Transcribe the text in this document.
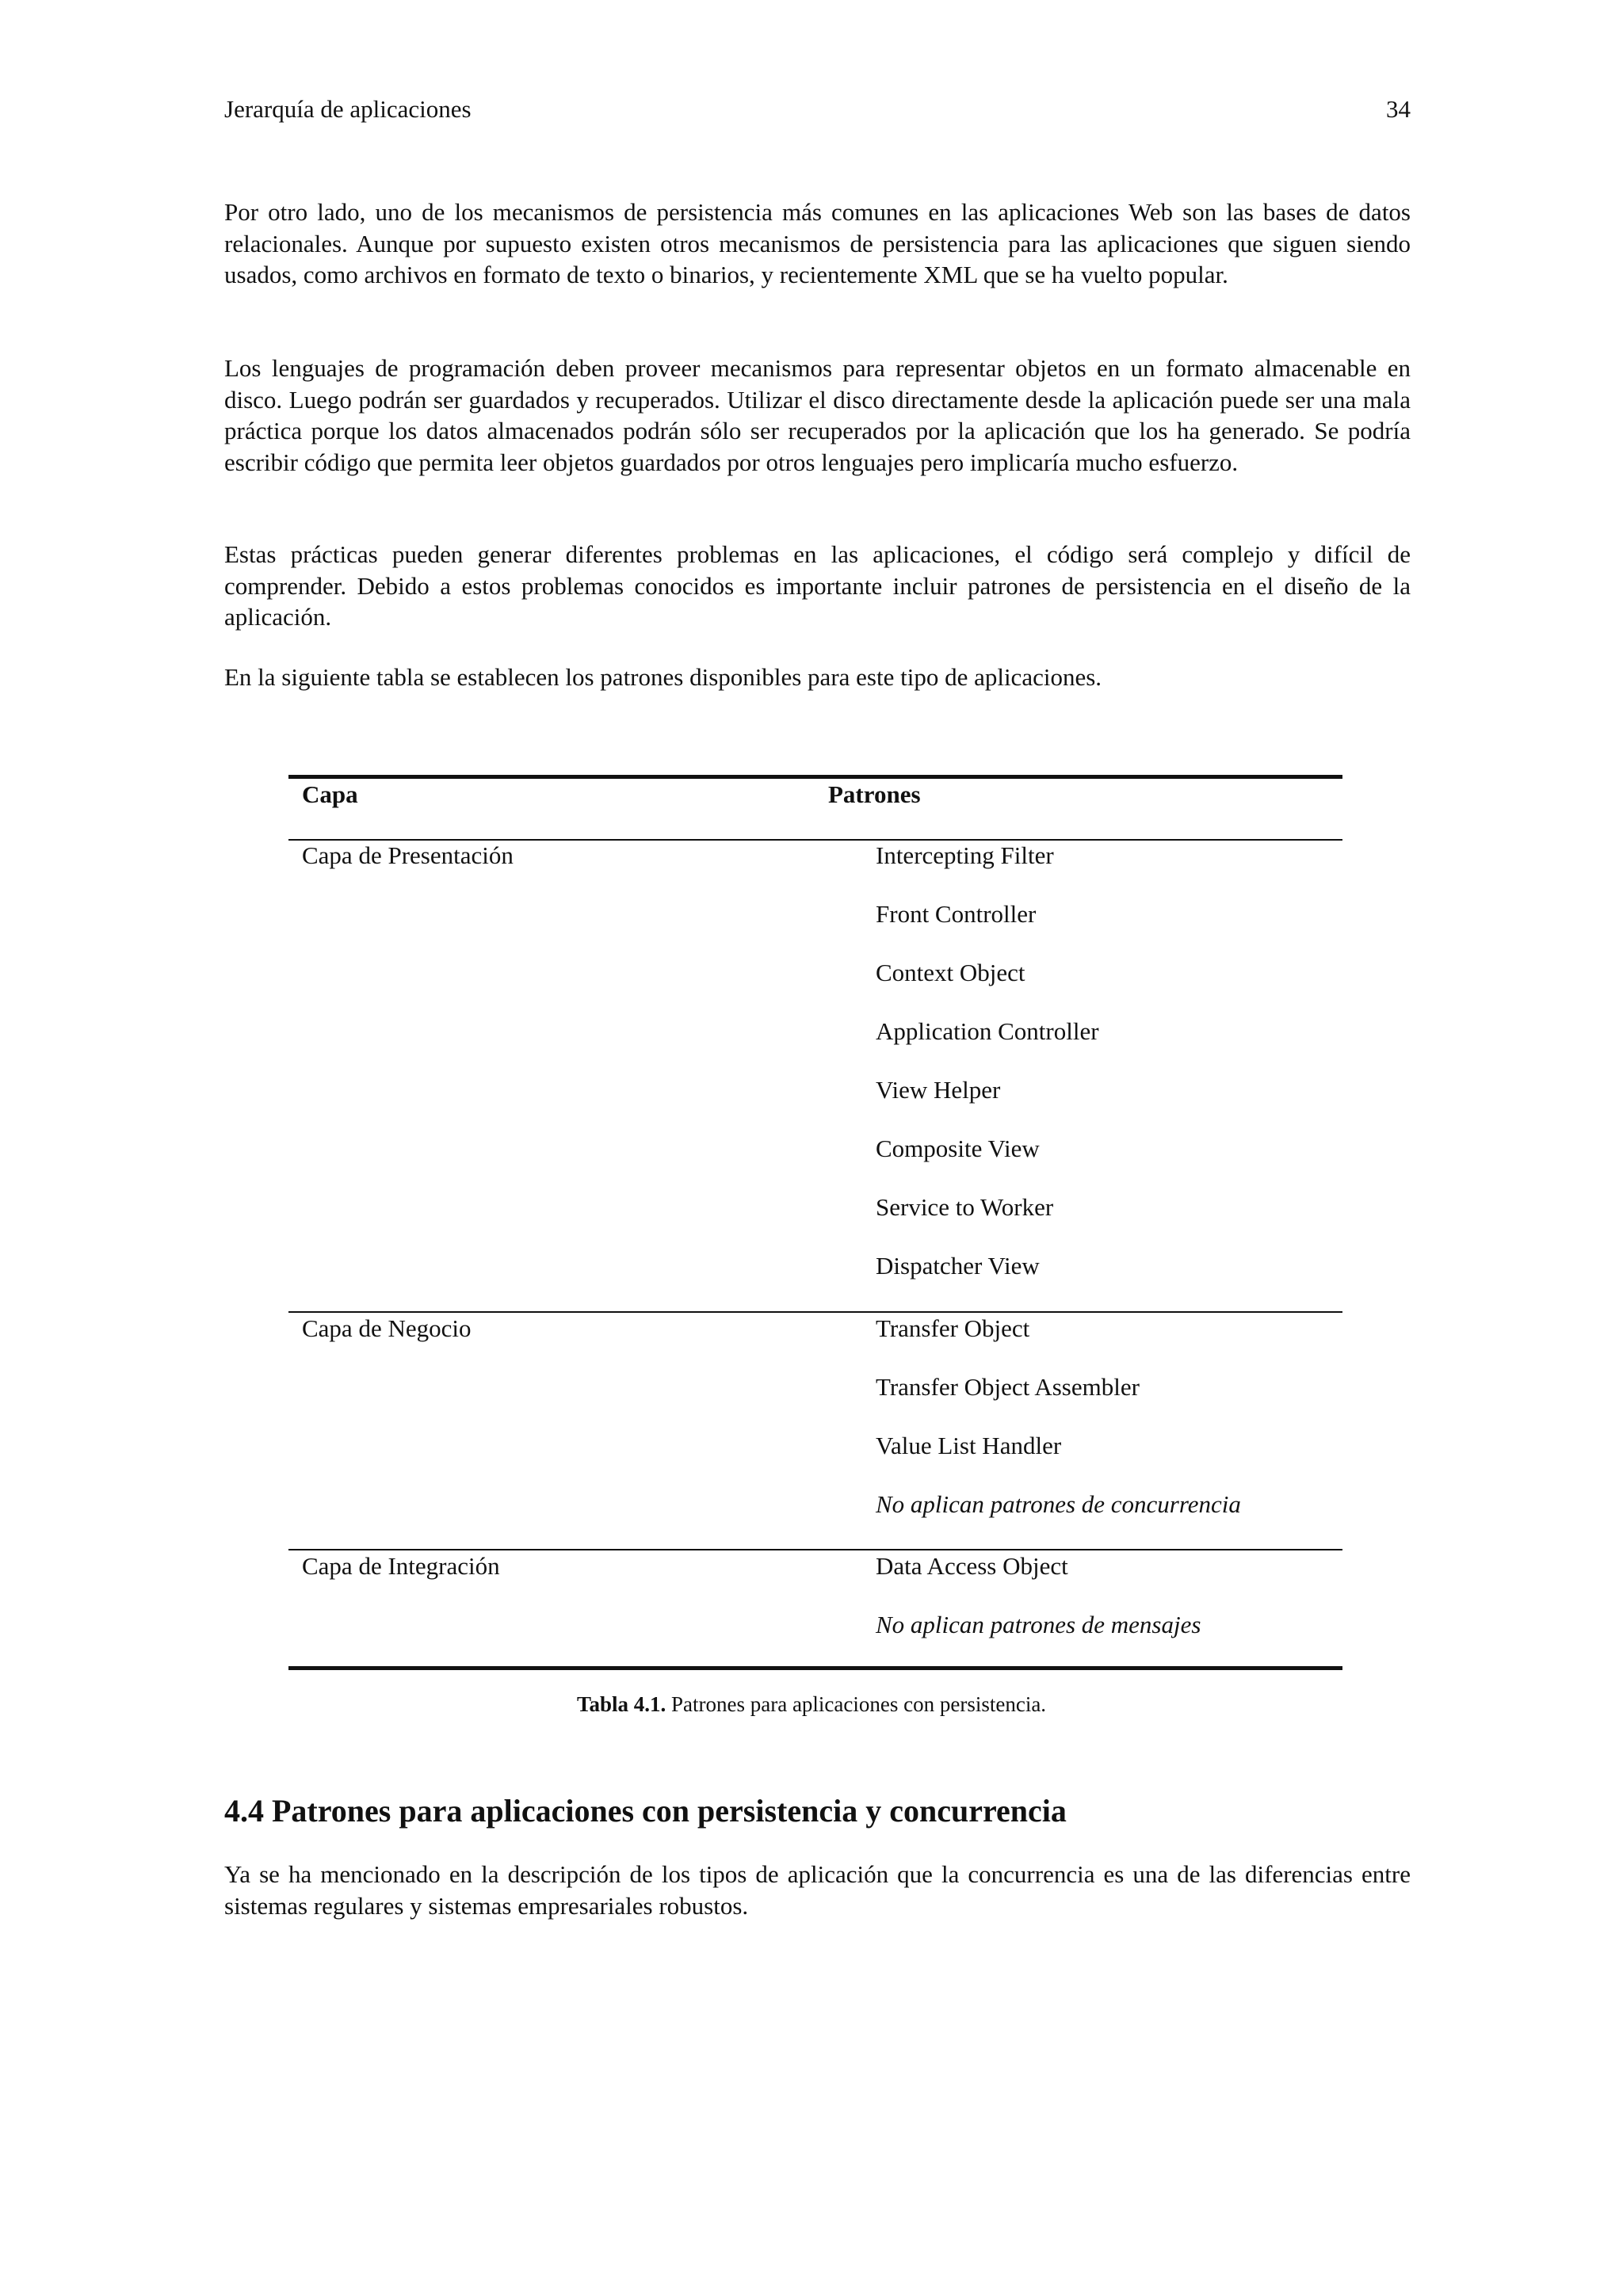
Jerarquía de aplicaciones	34

Por otro lado, uno de los mecanismos de persistencia más comunes en las aplicaciones Web son las bases de datos relacionales. Aunque por supuesto existen otros mecanismos de persistencia para las aplicaciones que siguen siendo usados, como archivos en formato de texto o binarios, y recientemente XML que se ha vuelto popular.

Los lenguajes de programación deben proveer mecanismos para representar objetos en un formato almacenable en disco. Luego podrán ser guardados y recuperados. Utilizar el disco directamente desde la aplicación puede ser una mala práctica porque los datos almacenados podrán sólo ser recuperados por la aplicación que los ha generado. Se podría escribir código que permita leer objetos guardados por otros lenguajes pero implicaría mucho esfuerzo.

Estas prácticas pueden generar diferentes problemas en las aplicaciones, el código será complejo y difícil de comprender. Debido a estos problemas conocidos es importante incluir patrones de persistencia en el diseño de la aplicación.

En la siguiente tabla se establecen los patrones disponibles para este tipo de aplicaciones.

Capa	Patrones
Capa de Presentación	Intercepting Filter
Front Controller
Context Object
Application Controller
View Helper
Composite View
Service to Worker
Dispatcher View
Capa de Negocio	Transfer Object
Transfer Object Assembler
Value List Handler
No aplican patrones de concurrencia
Capa de Integración	Data Access Object
No aplican patrones de mensajes
Tabla 4.1. Patrones para aplicaciones con persistencia.
4.4 Patrones para aplicaciones con persistencia y concurrencia

Ya se ha mencionado en la descripción de los tipos de aplicación que la concurrencia es una de las diferencias entre sistemas regulares y sistemas empresariales robustos.
